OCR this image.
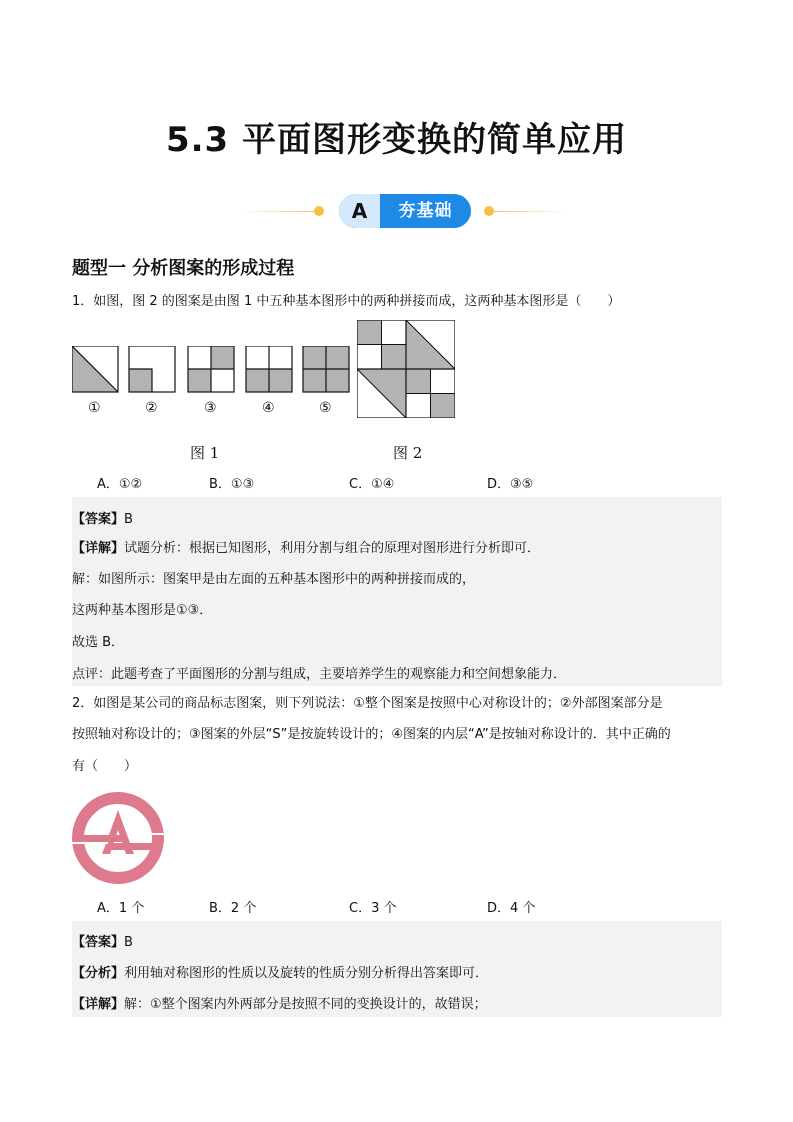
5.3 平面图形变换的简单应用
A	夯基础
题型一 分析图案的形成过程
1．如图，图 2 的图案是由图 1 中五种基本图形中的两种拼接而成，这两种基本图形是（　　）
①	②	③	④	⑤
图 1	图 2
A．①②	B．①③	C．①④	D．③⑤
【答案】B
【详解】试题分析：根据已知图形，利用分割与组合的原理对图形进行分析即可．
解：如图所示：图案甲是由左面的五种基本图形中的两种拼接而成的，
这两种基本图形是①③．
故选 B．
点评：此题考查了平面图形的分割与组成，主要培养学生的观察能力和空间想象能力．
2．如图是某公司的商品标志图案，则下列说法：①整个图案是按照中心对称设计的；②外部图案部分是
按照轴对称设计的；③图案的外层“S”是按旋转设计的；④图案的内层“A”是按轴对称设计的．其中正确的
有（　　）
A．1 个	B．2 个	C．3 个	D．4 个
【答案】B
【分析】利用轴对称图形的性质以及旋转的性质分别分析得出答案即可．
【详解】解：①整个图案内外两部分是按照不同的变换设计的，故错误；
